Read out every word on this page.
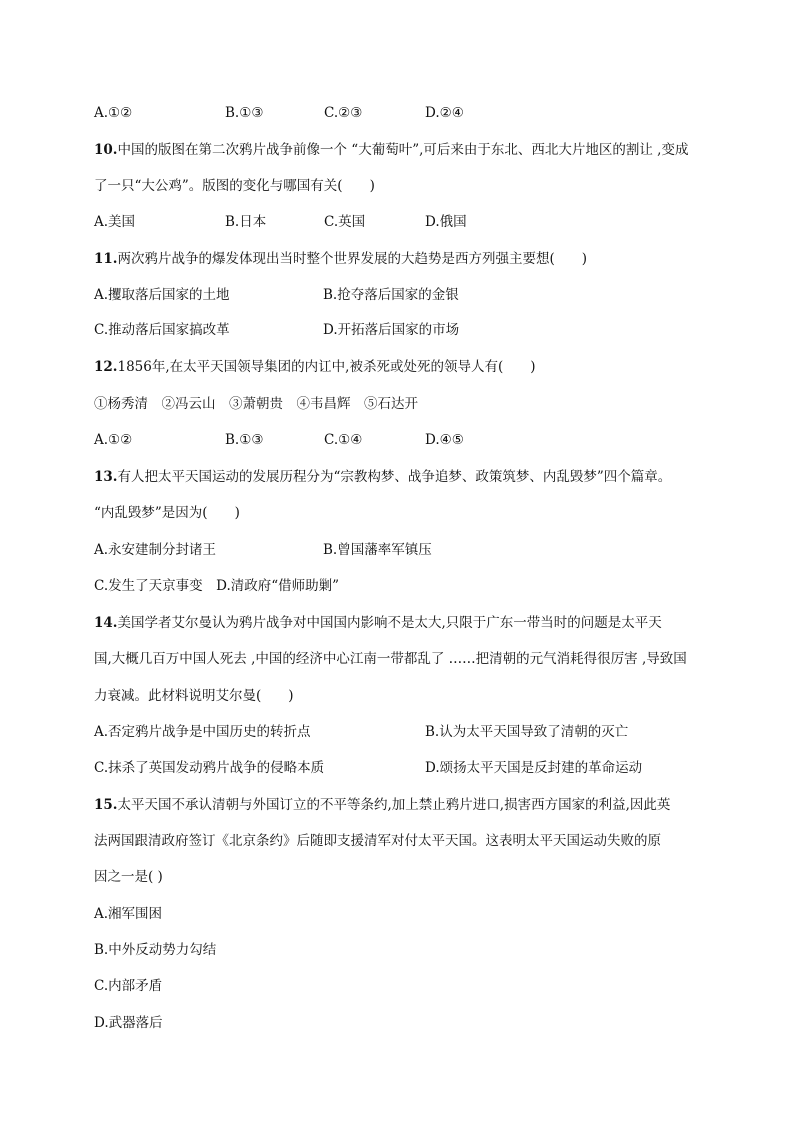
A.①②	B.①③	C.②③	D.②④
10.中国的版图在第二次鸦片战争前像一个 “大葡萄叶”,可后来由于东北、西北大片地区的割让 ,变成
了一只“大公鸡”。版图的变化与哪国有关(　　)
A.美国	B.日本	C.英国	D.俄国
11.两次鸦片战争的爆发体现出当时整个世界发展的大趋势是西方列强主要想(　　)
A.攫取落后国家的土地	B.抢夺落后国家的金银
C.推动落后国家搞改革	D.开拓落后国家的市场
12.1856年,在太平天国领导集团的内讧中,被杀死或处死的领导人有(　　)
①杨秀清　②冯云山　③萧朝贵　④韦昌辉　⑤石达开
A.①②	B.①③	C.①④	D.④⑤
13.有人把太平天国运动的发展历程分为“宗教构梦、战争追梦、政策筑梦、内乱毁梦”四个篇章。
“内乱毁梦”是因为(　　)
A.永安建制分封诸王	B.曾国藩率军镇压
C.发生了天京事变　D.清政府“借师助剿”
14.美国学者艾尔曼认为鸦片战争对中国国内影响不是太大,只限于广东一带当时的问题是太平天
国,大概几百万中国人死去 ,中国的经济中心江南一带都乱了 ……把清朝的元气消耗得很厉害 ,导致国
力衰减。此材料说明艾尔曼(　　)
A.否定鸦片战争是中国历史的转折点	B.认为太平天国导致了清朝的灭亡
C.抹杀了英国发动鸦片战争的侵略本质	D.颂扬太平天国是反封建的革命运动
15.太平天国不承认清朝与外国订立的不平等条约,加上禁止鸦片进口,损害西方国家的利益,因此英
法两国跟清政府签订《北京条约》后随即支援清军对付太平天国。这表明太平天国运动失败的原
因之一是( )
A.湘军围困
B.中外反动势力勾结
C.内部矛盾
D.武器落后
